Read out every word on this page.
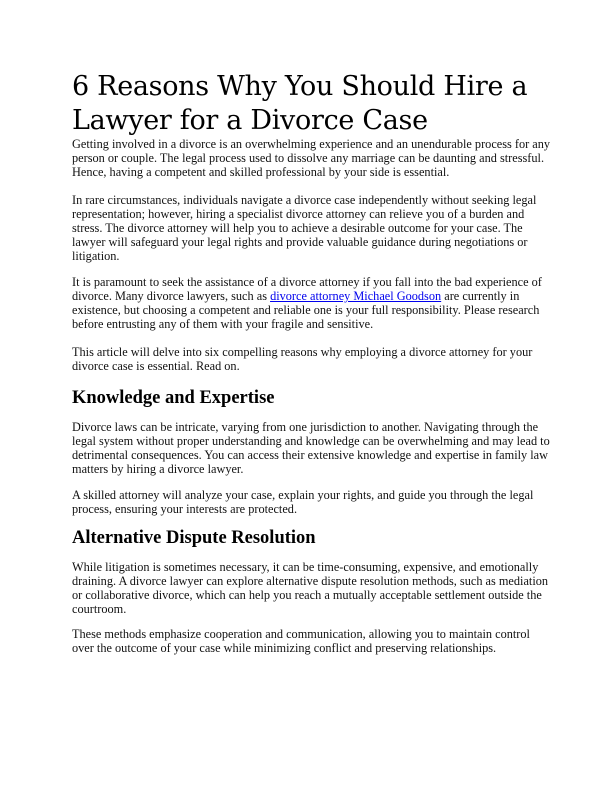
6 Reasons Why You Should Hire a
Lawyer for a Divorce Case
Getting involved in a divorce is an overwhelming experience and an unendurable process for any
person or couple. The legal process used to dissolve any marriage can be daunting and stressful.
Hence, having a competent and skilled professional by your side is essential.
In rare circumstances, individuals navigate a divorce case independently without seeking legal
representation; however, hiring a specialist divorce attorney can relieve you of a burden and
stress. The divorce attorney will help you to achieve a desirable outcome for your case. The
lawyer will safeguard your legal rights and provide valuable guidance during negotiations or
litigation.
It is paramount to seek the assistance of a divorce attorney if you fall into the bad experience of
divorce. Many divorce lawyers, such as divorce attorney Michael Goodson are currently in
existence, but choosing a competent and reliable one is your full responsibility. Please research
before entrusting any of them with your fragile and sensitive.
This article will delve into six compelling reasons why employing a divorce attorney for your
divorce case is essential. Read on.
Knowledge and Expertise
Divorce laws can be intricate, varying from one jurisdiction to another. Navigating through the
legal system without proper understanding and knowledge can be overwhelming and may lead to
detrimental consequences. You can access their extensive knowledge and expertise in family law
matters by hiring a divorce lawyer.
A skilled attorney will analyze your case, explain your rights, and guide you through the legal
process, ensuring your interests are protected.
Alternative Dispute Resolution
While litigation is sometimes necessary, it can be time-consuming, expensive, and emotionally
draining. A divorce lawyer can explore alternative dispute resolution methods, such as mediation
or collaborative divorce, which can help you reach a mutually acceptable settlement outside the
courtroom.
These methods emphasize cooperation and communication, allowing you to maintain control
over the outcome of your case while minimizing conflict and preserving relationships.
